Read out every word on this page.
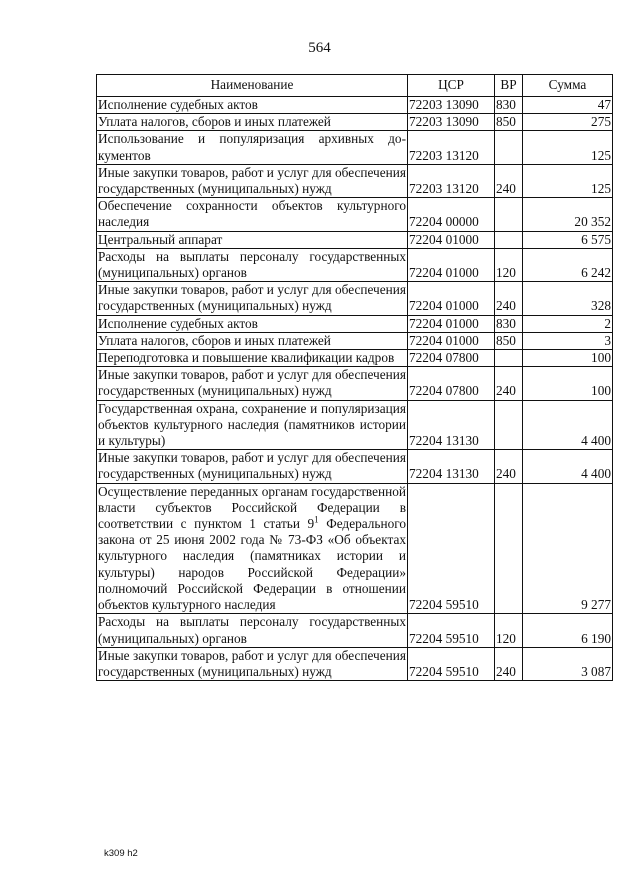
564
Наименование	ЦСР	ВР	Сумма
Исполнение судебных актов	72203 13090	830	47
Уплата налогов, сборов и иных платежей	72203 13090	850	275
Использование и популяризация архивных документов	72203 13120		125
Иные закупки товаров, работ и услуг для обеспечения государственных (муниципальных) нужд	72203 13120	240	125
Обеспечение сохранности объектов культурного наследия	72204 00000		20 352
Центральный аппарат	72204 01000		6 575
Расходы на выплаты персоналу государственных (муниципальных) органов	72204 01000	120	6 242
Иные закупки товаров, работ и услуг для обеспечения государственных (муниципальных) нужд	72204 01000	240	328
Исполнение судебных актов	72204 01000	830	2
Уплата налогов, сборов и иных платежей	72204 01000	850	3
Переподготовка и повышение квалификации кадров	72204 07800		100
Иные закупки товаров, работ и услуг для обеспечения государственных (муниципальных) нужд	72204 07800	240	100
Государственная охрана, сохранение и популяризация объектов культурного наследия (памятников истории и культуры)	72204 13130		4 400
Иные закупки товаров, работ и услуг для обеспечения государственных (муниципальных) нужд	72204 13130	240	4 400
Осуществление переданных органам государственной власти субъектов Российской Федерации в соответствии с пунктом 1 статьи $9^1$ Федерального закона от 25 июня 2002 года № 73-ФЗ «Об объектах культурного наследия (памятниках истории и культуры) народов Российской Федерации» полномочий Российской Федерации в отношении объектов культурного наследия	72204 59510		9 277
Расходы на выплаты персоналу государственных (муниципальных) органов	72204 59510	120	6 190
Иные закупки товаров, работ и услуг для обеспечения государственных (муниципальных) нужд	72204 59510	240	3 087
k309 h2
